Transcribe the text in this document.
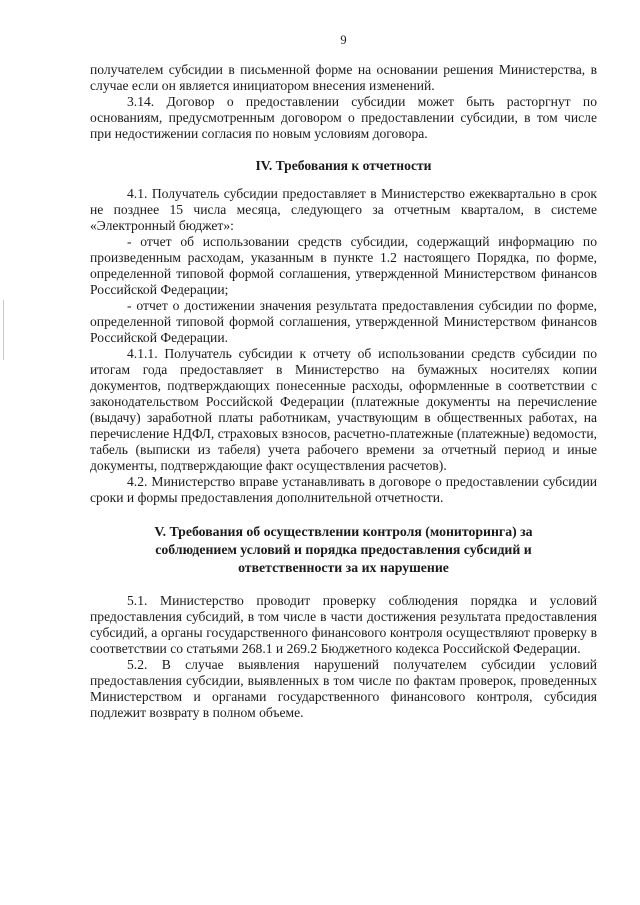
9

получателем субсидии в письменной форме на основании решения Министерства, в случае если он является инициатором внесения изменений.

3.14. Договор о предоставлении субсидии может быть расторгнут по основаниям, предусмотренным договором о предоставлении субсидии, в том числе при недостижении согласия по новым условиям договора.

IV. Требования к отчетности

4.1. Получатель субсидии предоставляет в Министерство ежеквартально в срок не позднее 15 числа месяца, следующего за отчетным кварталом, в системе «Электронный бюджет»:

- отчет об использовании средств субсидии, содержащий информацию по произведенным расходам, указанным в пункте 1.2 настоящего Порядка, по форме, определенной типовой формой соглашения, утвержденной Министерством финансов Российской Федерации;

- отчет о достижении значения результата предоставления субсидии по форме, определенной типовой формой соглашения, утвержденной Министерством финансов Российской Федерации.

4.1.1. Получатель субсидии к отчету об использовании средств субсидии по итогам года предоставляет в Министерство на бумажных носителях копии документов, подтверждающих понесенные расходы, оформленные в соответствии с законодательством Российской Федерации (платежные документы на перечисление (выдачу) заработной платы работникам, участвующим в общественных работах, на перечисление НДФЛ, страховых взносов, расчетно-платежные (платежные) ведомости, табель (выписки из табеля) учета рабочего времени за отчетный период и иные документы, подтверждающие факт осуществления расчетов).

4.2. Министерство вправе устанавливать в договоре о предоставлении субсидии сроки и формы предоставления дополнительной отчетности.

V. Требования об осуществлении контроля (мониторинга) за
соблюдением условий и порядка предоставления субсидий и
ответственности за их нарушение

5.1. Министерство проводит проверку соблюдения порядка и условий предоставления субсидий, в том числе в части достижения результата предоставления субсидий, а органы государственного финансового контроля осуществляют проверку в соответствии со статьями 268.1 и 269.2 Бюджетного кодекса Российской Федерации.

5.2. В случае выявления нарушений получателем субсидии условий предоставления субсидии, выявленных в том числе по фактам проверок, проведенных Министерством и органами государственного финансового контроля, субсидия подлежит возврату в полном объеме.
